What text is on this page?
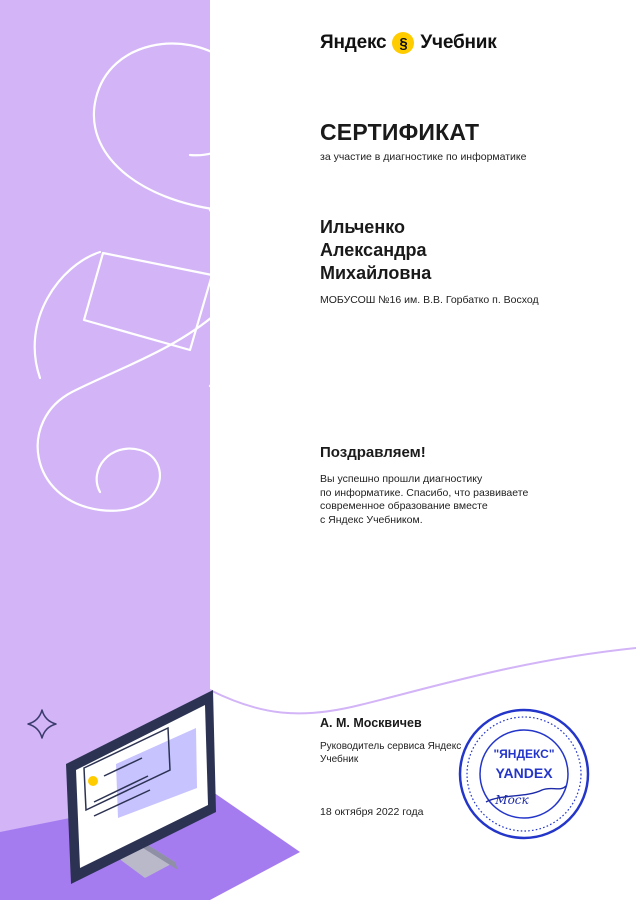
Яндекс § Учебник
СЕРТИФИКАТ
за участие в диагностике по информатике
Ильченко
Александра
Михайловна
МОБУСОШ №16 им. В.В. Горбатко п. Восход
Поздравляем!
Вы успешно прошли диагностику
по информатике. Спасибо, что развиваете
современное образование вместе
с Яндекс Учебником.
А. М. Москвичев
Руководитель сервиса Яндекс
Учебник
18 октября 2022 года
"ЯНДЕКС"
YANDEX
Моск
